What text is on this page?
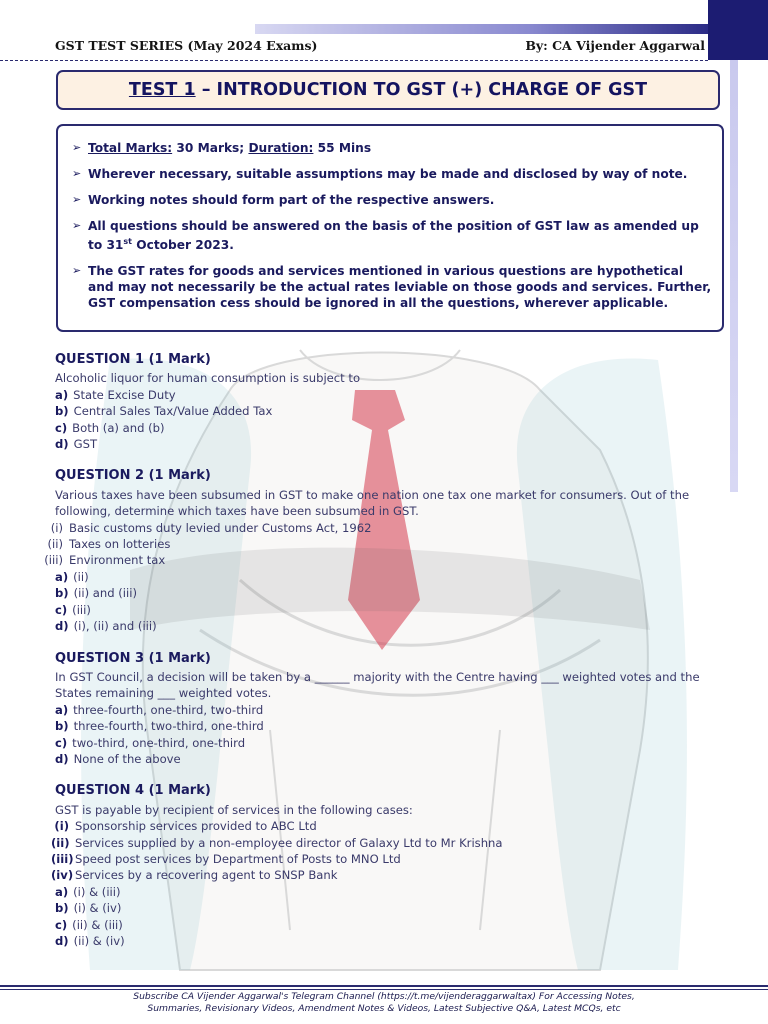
GST TEST SERIES (May 2024 Exams)	By: CA Vijender Aggarwal
TEST 1 – INTRODUCTION TO GST (+) CHARGE OF GST
➢ Total Marks: 30 Marks; Duration: 55 Mins
➢ Wherever necessary, suitable assumptions may be made and disclosed by way of note.
➢ Working notes should form part of the respective answers.
➢ All questions should be answered on the basis of the position of GST law as amended up to 31st October 2023.
➢ The GST rates for goods and services mentioned in various questions are hypothetical and may not necessarily be the actual rates leviable on those goods and services. Further, GST compensation cess should be ignored in all the questions, wherever applicable.
QUESTION 1 (1 Mark)
Alcoholic liquor for human consumption is subject to
a) State Excise Duty
b) Central Sales Tax/Value Added Tax
c) Both (a) and (b)
d) GST
QUESTION 2 (1 Mark)
Various taxes have been subsumed in GST to make one nation one tax one market for consumers. Out of the following, determine which taxes have been subsumed in GST.
(i) Basic customs duty levied under Customs Act, 1962
(ii) Taxes on lotteries
(iii) Environment tax
a) (ii)
b) (ii) and (iii)
c) (iii)
d) (i), (ii) and (iii)
QUESTION 3 (1 Mark)
In GST Council, a decision will be taken by a ______ majority with the Centre having ___ weighted votes and the States remaining ___ weighted votes.
a) three-fourth, one-third, two-third
b) three-fourth, two-third, one-third
c) two-third, one-third, one-third
d) None of the above
QUESTION 4 (1 Mark)
GST is payable by recipient of services in the following cases:
(i) Sponsorship services provided to ABC Ltd
(ii) Services supplied by a non-employee director of Galaxy Ltd to Mr Krishna
(iii) Speed post services by Department of Posts to MNO Ltd
(iv) Services by a recovering agent to SNSP Bank
a) (i) & (iii)
b) (i) & (iv)
c) (ii) & (iii)
d) (ii) & (iv)
Subscribe CA Vijender Aggarwal's Telegram Channel (https://t.me/vijenderaggarwaltax) For Accessing Notes,
Summaries, Revisionary Videos, Amendment Notes & Videos, Latest Subjective Q&A, Latest MCQs, etc
